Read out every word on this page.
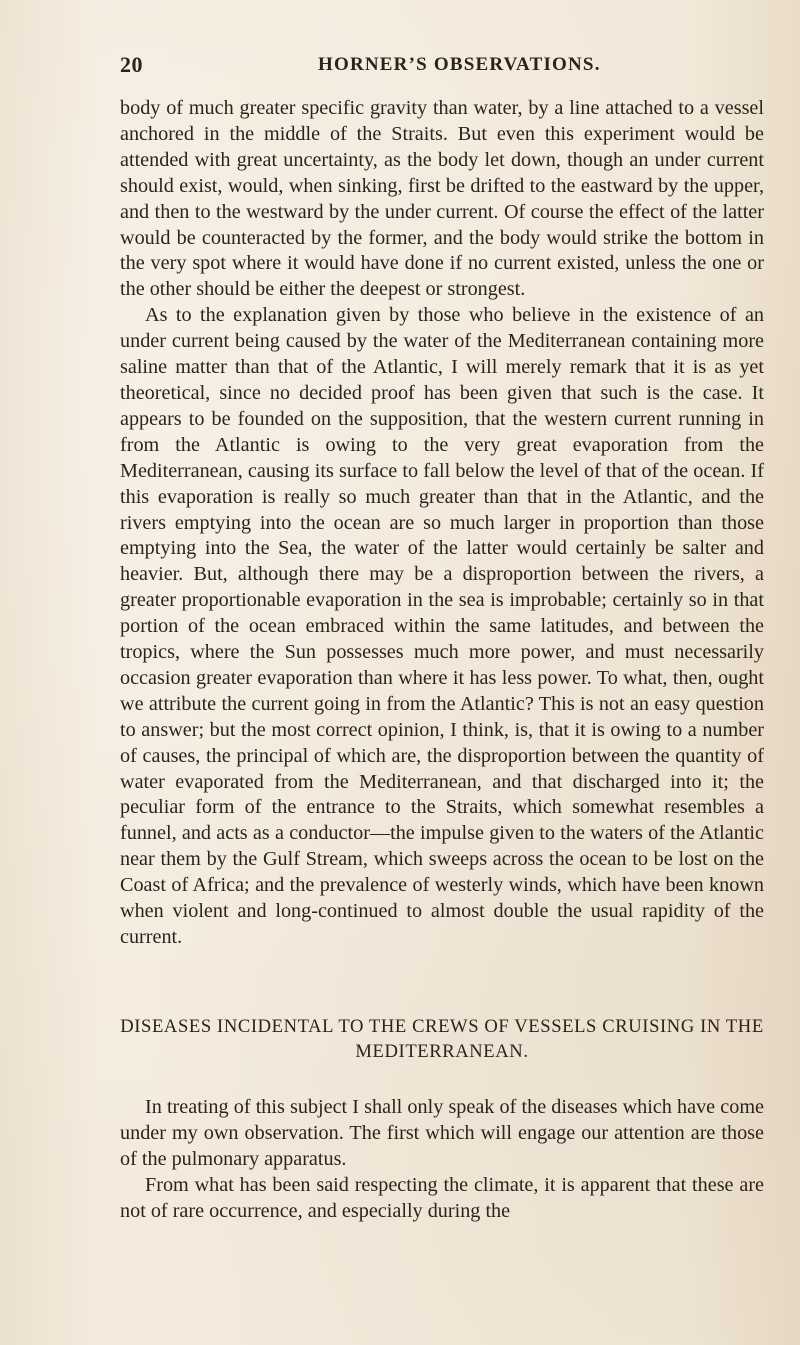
20	HORNER’S OBSERVATIONS.

body of much greater specific gravity than water, by a line attached to a vessel anchored in the middle of the Straits. But even this experiment would be attended with great uncertainty, as the body let down, though an under current should exist, would, when sinking, first be drifted to the eastward by the upper, and then to the westward by the under current. Of course the effect of the latter would be counteracted by the former, and the body would strike the bottom in the very spot where it would have done if no current existed, unless the one or the other should be either the deepest or strongest.

As to the explanation given by those who believe in the existence of an under current being caused by the water of the Mediterranean containing more saline matter than that of the Atlantic, I will merely remark that it is as yet theoretical, since no decided proof has been given that such is the case. It appears to be founded on the supposition, that the western current running in from the Atlantic is owing to the very great evaporation from the Mediterranean, causing its surface to fall below the level of that of the ocean. If this evaporation is really so much greater than that in the Atlantic, and the rivers emptying into the ocean are so much larger in proportion than those emptying into the Sea, the water of the latter would certainly be salter and heavier. But, although there may be a disproportion between the rivers, a greater proportionable evaporation in the sea is improbable; certainly so in that portion of the ocean embraced within the same latitudes, and between the tropics, where the Sun possesses much more power, and must necessarily occasion greater evaporation than where it has less power. To what, then, ought we attribute the current going in from the Atlantic? This is not an easy question to answer; but the most correct opinion, I think, is, that it is owing to a number of causes, the principal of which are, the disproportion between the quantity of water evaporated from the Mediterranean, and that discharged into it; the peculiar form of the entrance to the Straits, which somewhat resembles a funnel, and acts as a conductor—the impulse given to the waters of the Atlantic near them by the Gulf Stream, which sweeps across the ocean to be lost on the Coast of Africa; and the prevalence of westerly winds, which have been known when violent and long-continued to almost double the usual rapidity of the current.

DISEASES INCIDENTAL TO THE CREWS OF VESSELS CRUISING IN THE MEDITERRANEAN.

In treating of this subject I shall only speak of the diseases which have come under my own observation. The first which will engage our attention are those of the pulmonary apparatus.

From what has been said respecting the climate, it is apparent that these are not of rare occurrence, and especially during the
